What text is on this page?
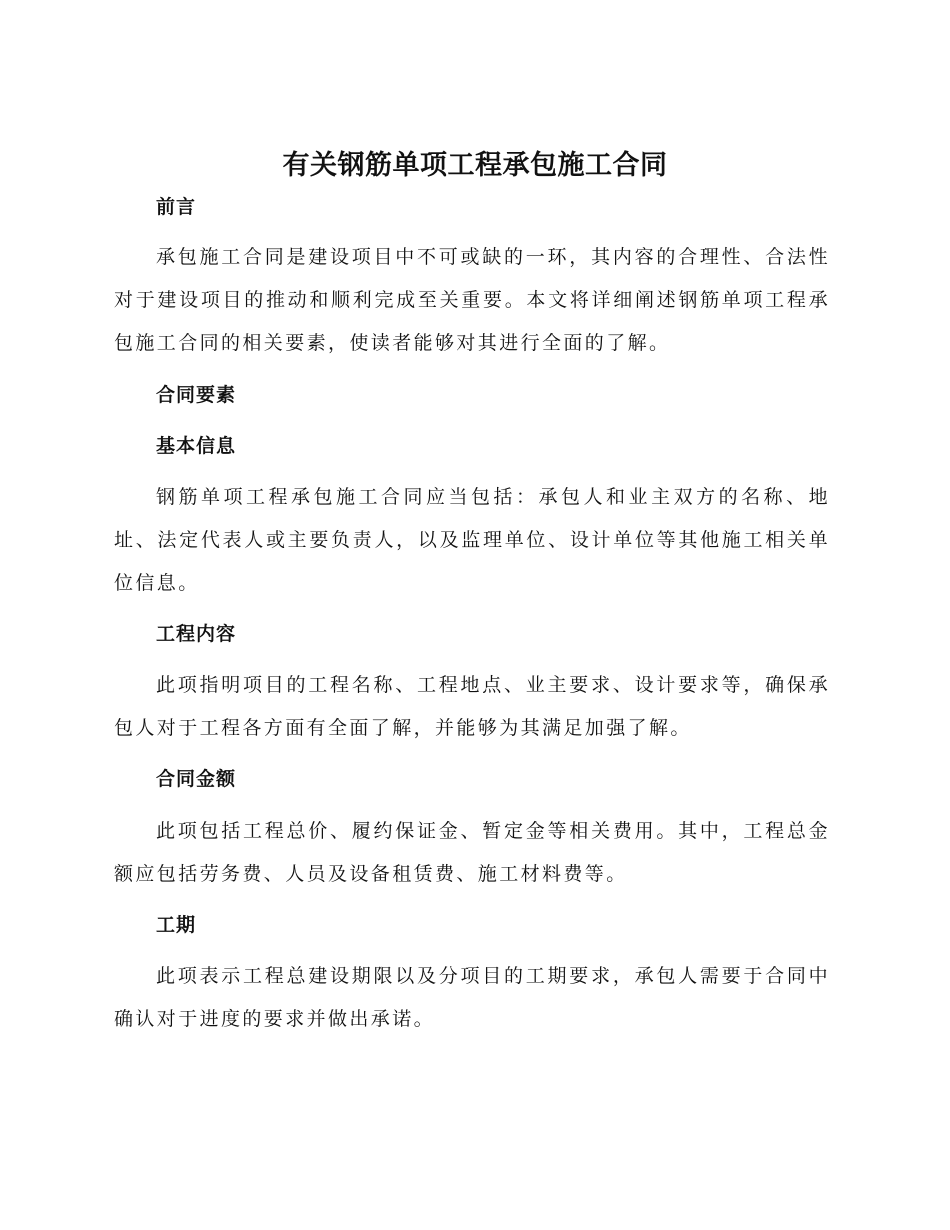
有关钢筋单项工程承包施工合同
前言

承包施工合同是建设项目中不可或缺的一环，其内容的合理性、合法性对于建设项目的推动和顺利完成至关重要。本文将详细阐述钢筋单项工程承包施工合同的相关要素，使读者能够对其进行全面的了解。

合同要素
基本信息

钢筋单项工程承包施工合同应当包括：承包人和业主双方的名称、地址、法定代表人或主要负责人，以及监理单位、设计单位等其他施工相关单位信息。

工程内容

此项指明项目的工程名称、工程地点、业主要求、设计要求等，确保承包人对于工程各方面有全面了解，并能够为其满足加强了解。

合同金额

此项包括工程总价、履约保证金、暂定金等相关费用。其中，工程总金额应包括劳务费、人员及设备租赁费、施工材料费等。

工期

此项表示工程总建设期限以及分项目的工期要求，承包人需要于合同中确认对于进度的要求并做出承诺。
